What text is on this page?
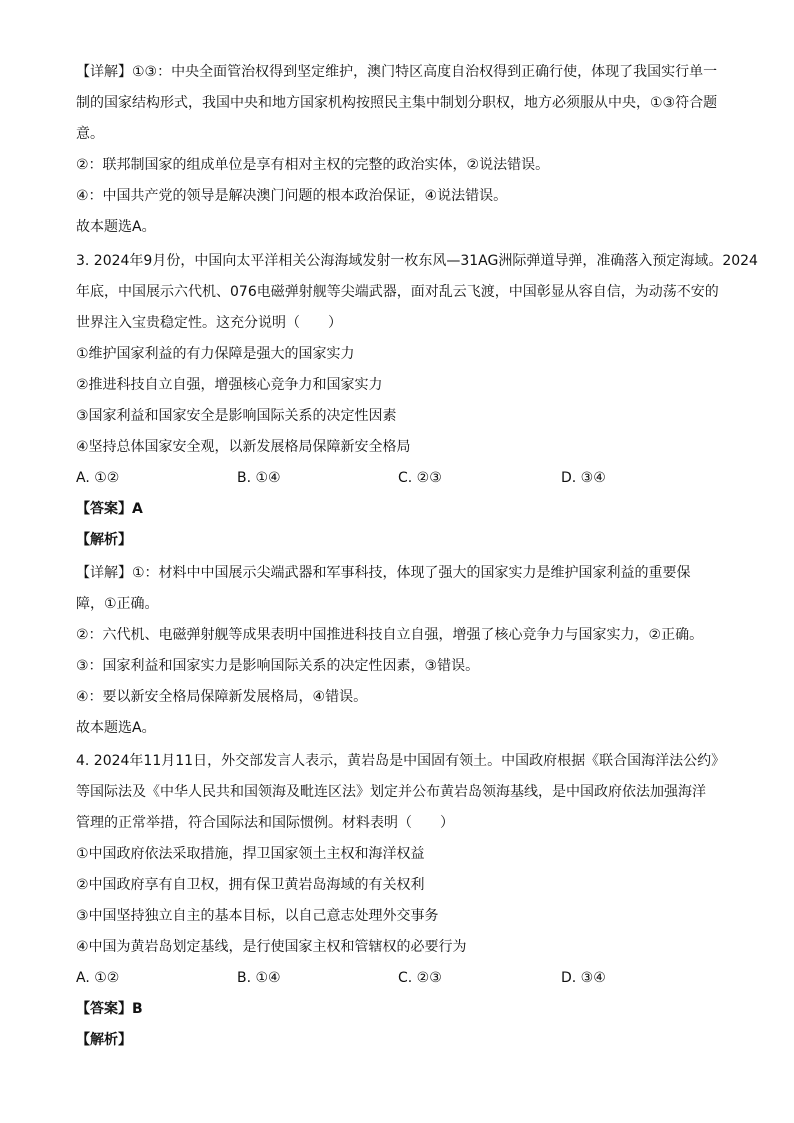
【详解】①③：中央全面管治权得到坚定维护，澳门特区高度自治权得到正确行使，体现了我国实行单一
制的国家结构形式，我国中央和地方国家机构按照民主集中制划分职权，地方必须服从中央，①③符合题
意。
②：联邦制国家的组成单位是享有相对主权的完整的政治实体，②说法错误。
④：中国共产党的领导是解决澳门问题的根本政治保证，④说法错误。
故本题选A。
3. 2024年9月份，中国向太平洋相关公海海域发射一枚东风—31AG洲际弹道导弹，准确落入预定海域。2024
年底，中国展示六代机、076电磁弹射舰等尖端武器，面对乱云飞渡，中国彰显从容自信，为动荡不安的
世界注入宝贵稳定性。这充分说明（　　）
①维护国家利益的有力保障是强大的国家实力
②推进科技自立自强，增强核心竞争力和国家实力
③国家利益和国家安全是影响国际关系的决定性因素
④坚持总体国家安全观，以新发展格局保障新安全格局
【答案】A
【解析】
【详解】①：材料中中国展示尖端武器和军事科技，体现了强大的国家实力是维护国家利益的重要保
障，①正确。
②：六代机、电磁弹射舰等成果表明中国推进科技自立自强，增强了核心竞争力与国家实力，②正确。
③：国家利益和国家实力是影响国际关系的决定性因素，③错误。
④：要以新安全格局保障新发展格局，④错误。
故本题选A。
4. 2024年11月11日，外交部发言人表示，黄岩岛是中国固有领土。中国政府根据《联合国海洋法公约》
等国际法及《中华人民共和国领海及毗连区法》划定并公布黄岩岛领海基线，是中国政府依法加强海洋
管理的正常举措，符合国际法和国际惯例。材料表明（　　）
①中国政府依法采取措施，捍卫国家领土主权和海洋权益
②中国政府享有自卫权，拥有保卫黄岩岛海域的有关权利
③中国坚持独立自主的基本目标，以自己意志处理外交事务
④中国为黄岩岛划定基线，是行使国家主权和管辖权的必要行为
【答案】B
【解析】
A. ①②	B. ①④	C. ②③	D. ③④
A. ①②	B. ①④	C. ②③	D. ③④
